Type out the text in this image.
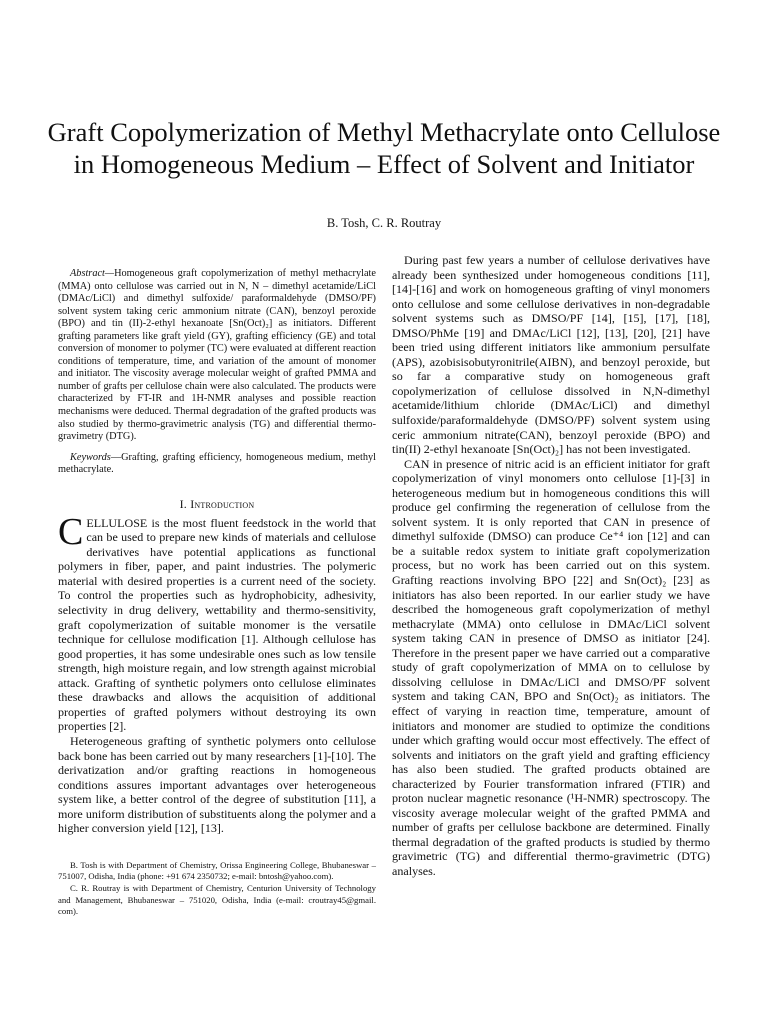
Graft Copolymerization of Methyl Methacrylate onto Cellulose in Homogeneous Medium – Effect of Solvent and Initiator
B. Tosh, C. R. Routray

Abstract—Homogeneous graft copolymerization of methyl methacrylate (MMA) onto cellulose was carried out in N, N – dimethyl acetamide/LiCl (DMAc/LiCl) and dimethyl sulfoxide/ paraformaldehyde (DMSO/PF) solvent system taking ceric ammonium nitrate (CAN), benzoyl peroxide (BPO) and tin (II)-2-ethyl hexanoate [Sn(Oct)₂] as initiators. Different grafting parameters like graft yield (GY), grafting efficiency (GE) and total conversion of monomer to polymer (TC) were evaluated at different reaction conditions of temperature, time, and variation of the amount of monomer and initiator. The viscosity average molecular weight of grafted PMMA and number of grafts per cellulose chain were also calculated. The products were characterized by FT-IR and 1H-NMR analyses and possible reaction mechanisms were deduced. Thermal degradation of the grafted products was also studied by thermo-gravimetric analysis (TG) and differential thermo-gravimetry (DTG).

Keywords—Grafting, grafting efficiency, homogeneous medium, methyl methacrylate.

I. Introduction

CELLULOSE is the most fluent feedstock in the world that can be used to prepare new kinds of materials and cellulose derivatives have potential applications as functional polymers in fiber, paper, and paint industries. The polymeric material with desired properties is a current need of the society. To control the properties such as hydrophobicity, adhesivity, selectivity in drug delivery, wettability and thermo-sensitivity, graft copolymerization of suitable monomer is the versatile technique for cellulose modification [1]. Although cellulose has good properties, it has some undesirable ones such as low tensile strength, high moisture regain, and low strength against microbial attack. Grafting of synthetic polymers onto cellulose eliminates these drawbacks and allows the acquisition of additional properties of grafted polymers without destroying its own properties [2].

Heterogeneous grafting of synthetic polymers onto cellulose back bone has been carried out by many researchers [1]-[10]. The derivatization and/or grafting reactions in homogeneous conditions assures important advantages over heterogeneous system like, a better control of the degree of substitution [11], a more uniform distribution of substituents along the polymer and a higher conversion yield [12], [13].

B. Tosh is with Department of Chemistry, Orissa Engineering College, Bhubaneswar – 751007, Odisha, India (phone: +91 674 2350732; e-mail: bntosh@yahoo.com).

C. R. Routray is with Department of Chemistry, Centurion University of Technology and Management, Bhubaneswar – 751020, Odisha, India (e-mail: croutray45@gmail. com).

During past few years a number of cellulose derivatives have already been synthesized under homogeneous conditions [11], [14]-[16] and work on homogeneous grafting of vinyl monomers onto cellulose and some cellulose derivatives in non-degradable solvent systems such as DMSO/PF [14], [15], [17], [18], DMSO/PhMe [19] and DMAc/LiCl [12], [13], [20], [21] have been tried using different initiators like ammonium persulfate (APS), azobisisobutyronitrile(AIBN), and benzoyl peroxide, but so far a comparative study on homogeneous graft copolymerization of cellulose dissolved in N,N-dimethyl acetamide/lithium chloride (DMAc/LiCl) and dimethyl sulfoxide/paraformaldehyde (DMSO/PF) solvent system using ceric ammonium nitrate(CAN), benzoyl peroxide (BPO) and tin(II) 2-ethyl hexanoate [Sn(Oct)₂] has not been investigated.

CAN in presence of nitric acid is an efficient initiator for graft copolymerization of vinyl monomers onto cellulose [1]-[3] in heterogeneous medium but in homogeneous conditions this will produce gel confirming the regeneration of cellulose from the solvent system. It is only reported that CAN in presence of dimethyl sulfoxide (DMSO) can produce Ce⁺⁴ ion [12] and can be a suitable redox system to initiate graft copolymerization process, but no work has been carried out on this system. Grafting reactions involving BPO [22] and Sn(Oct)₂ [23] as initiators has also been reported. In our earlier study we have described the homogeneous graft copolymerization of methyl methacrylate (MMA) onto cellulose in DMAc/LiCl solvent system taking CAN in presence of DMSO as initiator [24]. Therefore in the present paper we have carried out a comparative study of graft copolymerization of MMA on to cellulose by dissolving cellulose in DMAc/LiCl and DMSO/PF solvent system and taking CAN, BPO and Sn(Oct)₂ as initiators. The effect of varying in reaction time, temperature, amount of initiators and monomer are studied to optimize the conditions under which grafting would occur most effectively. The effect of solvents and initiators on the graft yield and grafting efficiency has also been studied. The grafted products obtained are characterized by Fourier transformation infrared (FTIR) and proton nuclear magnetic resonance (¹H-NMR) spectroscopy. The viscosity average molecular weight of the grafted PMMA and number of grafts per cellulose backbone are determined. Finally thermal degradation of the grafted products is studied by thermo gravimetric (TG) and differential thermo-gravimetric (DTG) analyses.
